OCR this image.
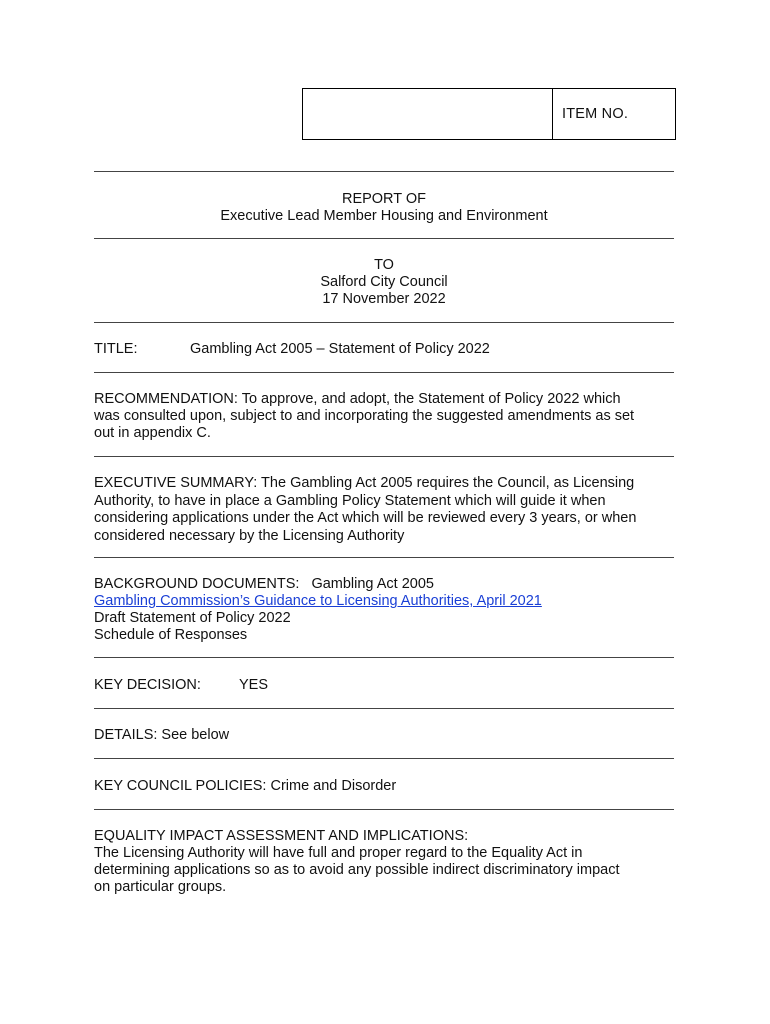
ITEM NO.
REPORT OF
Executive Lead Member Housing and Environment
TO
Salford City Council
17 November 2022
TITLE:	Gambling Act 2005 – Statement of Policy 2022
RECOMMENDATION: To approve, and adopt, the Statement of Policy 2022 which
was consulted upon, subject to and incorporating the suggested amendments as set
out in appendix C.
EXECUTIVE SUMMARY: The Gambling Act 2005 requires the Council, as Licensing
Authority, to have in place a Gambling Policy Statement which will guide it when
considering applications under the Act which will be reviewed every 3 years, or when
considered necessary by the Licensing Authority
BACKGROUND DOCUMENTS: Gambling Act 2005
Gambling Commission’s Guidance to Licensing Authorities, April 2021
Draft Statement of Policy 2022
Schedule of Responses
KEY DECISION:	YES
DETAILS: See below
KEY COUNCIL POLICIES: Crime and Disorder
EQUALITY IMPACT ASSESSMENT AND IMPLICATIONS:
The Licensing Authority will have full and proper regard to the Equality Act in
determining applications so as to avoid any possible indirect discriminatory impact
on particular groups.
